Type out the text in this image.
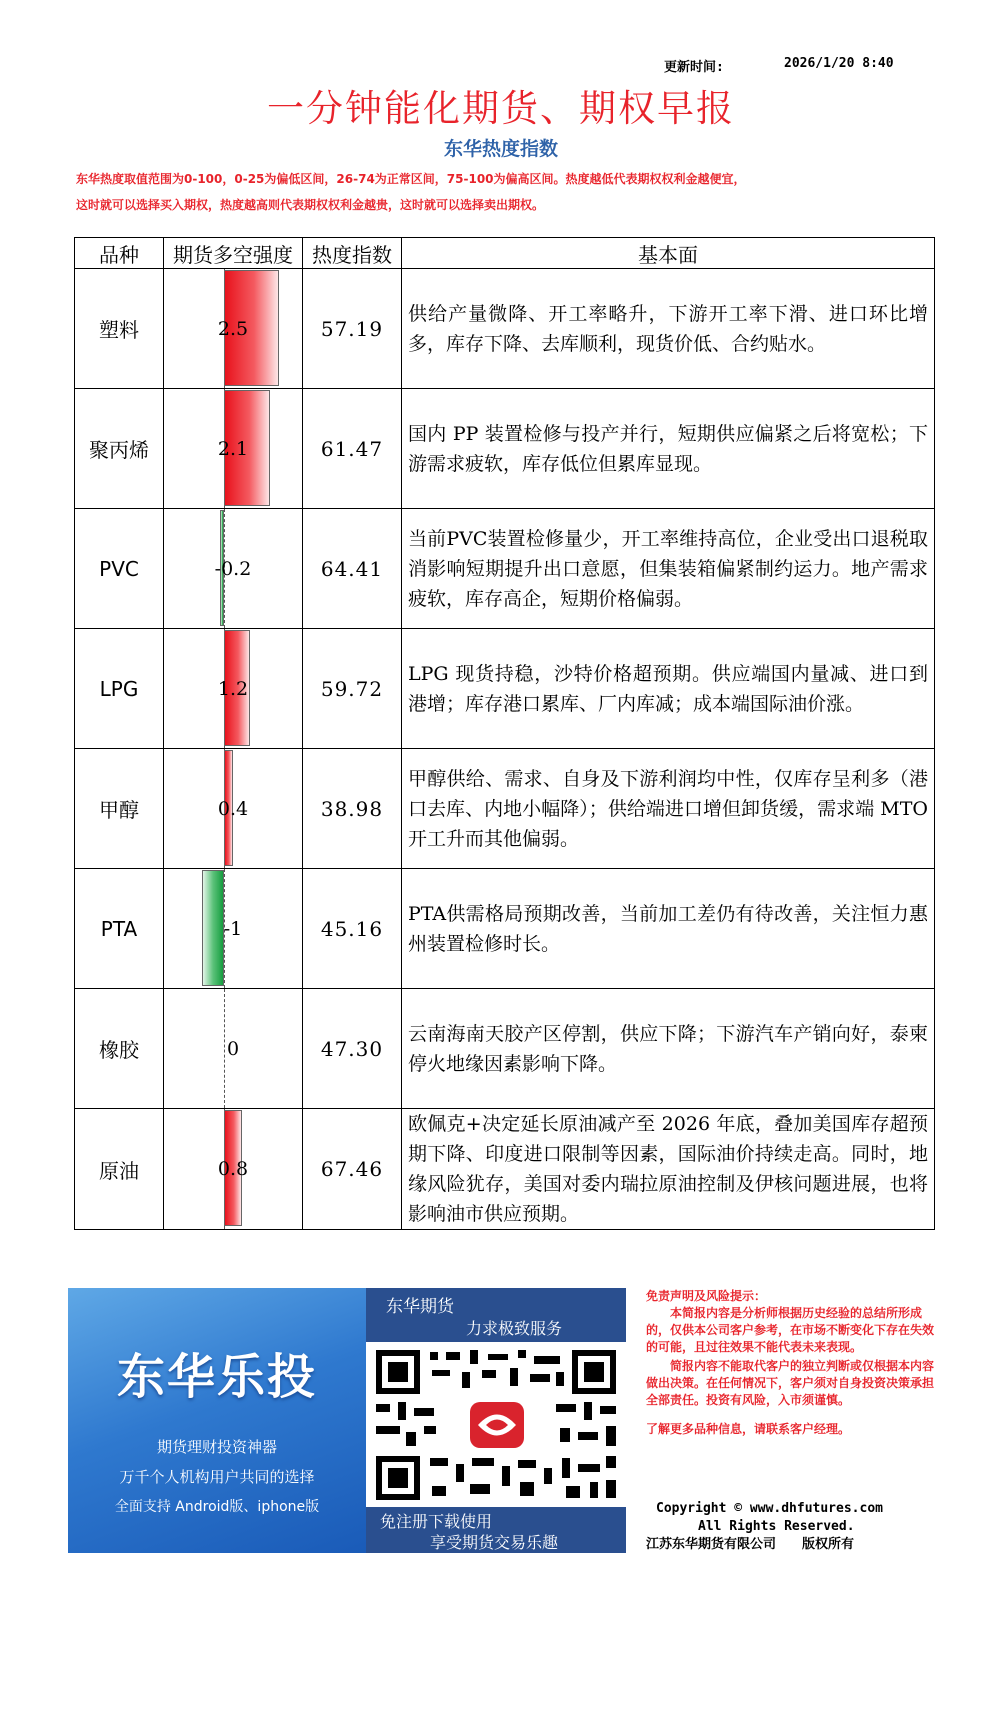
更新时间:	2026/1/20 8:40
一分钟能化期货、期权早报
东华热度指数
东华热度取值范围为0-100，0-25为偏低区间，26-74为正常区间，75-100为偏高区间。热度越低代表期权权利金越便宜，
这时就可以选择买入期权，热度越高则代表期权权利金越贵，这时就可以选择卖出期权。
品种	期货多空强度	热度指数	基本面
塑料	2.5	57.19	供给产量微降、开工率略升，下游开工率下滑、进口环比增多，库存下降、去库顺利，现货价低、合约贴水。
聚丙烯	2.1	61.47	国内 PP 装置检修与投产并行，短期供应偏紧之后将宽松；下游需求疲软，库存低位但累库显现。
PVC	-0.2	64.41	当前PVC装置检修量少，开工率维持高位，企业受出口退税取消影响短期提升出口意愿，但集装箱偏紧制约运力。地产需求疲软，库存高企，短期价格偏弱。
LPG	1.2	59.72	LPG 现货持稳，沙特价格超预期。供应端国内量减、进口到港增；库存港口累库、厂内库减；成本端国际油价涨。
甲醇	0.4	38.98	甲醇供给、需求、自身及下游利润均中性，仅库存呈利多（港口去库、内地小幅降）；供给端进口增但卸货缓，需求端 MTO 开工升而其他偏弱。
PTA	-1	45.16	PTA供需格局预期改善，当前加工差仍有待改善，关注恒力惠州装置检修时长。
橡胶	0	47.30	云南海南天胶产区停割，供应下降；下游汽车产销向好，泰柬停火地缘因素影响下降。
原油	0.8	67.46	欧佩克+决定延长原油减产至 2026 年底，叠加美国库存超预期下降、印度进口限制等因素，国际油价持续走高。同时，地缘风险犹存，美国对委内瑞拉原油控制及伊核问题进展，也将影响油市供应预期。
东华乐投
期货理财投资神器
万千个人机构用户共同的选择
全面支持 Android版、iphone版
东华期货
力求极致服务
免注册下载使用
享受期货交易乐趣
免责声明及风险提示：
本简报内容是分析师根据历史经验的总结所形成的，仅供本公司客户参考，在市场不断变化下存在失效的可能，且过往效果不能代表未来表现。
简报内容不能取代客户的独立判断或仅根据本内容做出决策。在任何情况下，客户须对自身投资决策承担全部责任。投资有风险，入市须谨慎。
了解更多品种信息，请联系客户经理。
Copyright © www.dhfutures.com
All Rights Reserved.
江苏东华期货有限公司　　版权所有
